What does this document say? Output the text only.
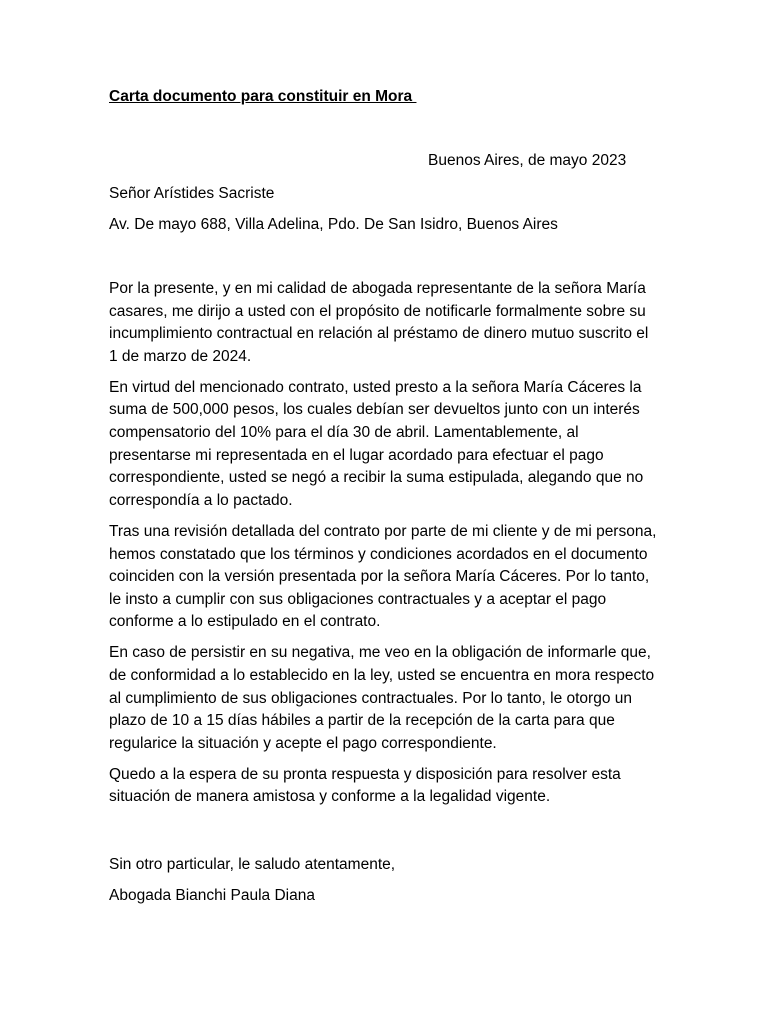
Carta documento para constituir en Mora

Buenos Aires, de mayo 2023

Señor Arístides Sacriste

Av. De mayo 688, Villa Adelina, Pdo. De San Isidro, Buenos Aires

Por la presente, y en mi calidad de abogada representante de la señora María casares, me dirijo a usted con el propósito de notificarle formalmente sobre su incumplimiento contractual en relación al préstamo de dinero mutuo suscrito el 1 de marzo de 2024.

En virtud del mencionado contrato, usted presto a la señora María Cáceres la suma de 500,000 pesos, los cuales debían ser devueltos junto con un interés compensatorio del 10% para el día 30 de abril. Lamentablemente, al presentarse mi representada en el lugar acordado para efectuar el pago correspondiente, usted se negó a recibir la suma estipulada, alegando que no correspondía a lo pactado.

Tras una revisión detallada del contrato por parte de mi cliente y de mi persona, hemos constatado que los términos y condiciones acordados en el documento coinciden con la versión presentada por la señora María Cáceres. Por lo tanto, le insto a cumplir con sus obligaciones contractuales y a aceptar el pago conforme a lo estipulado en el contrato.

En caso de persistir en su negativa, me veo en la obligación de informarle que, de conformidad a lo establecido en la ley, usted se encuentra en mora respecto al cumplimiento de sus obligaciones contractuales. Por lo tanto, le otorgo un plazo de 10 a 15 días hábiles a partir de la recepción de la carta para que regularice la situación y acepte el pago correspondiente.

Quedo a la espera de su pronta respuesta y disposición para resolver esta situación de manera amistosa y conforme a la legalidad vigente.

Sin otro particular, le saludo atentamente,

Abogada Bianchi Paula Diana
